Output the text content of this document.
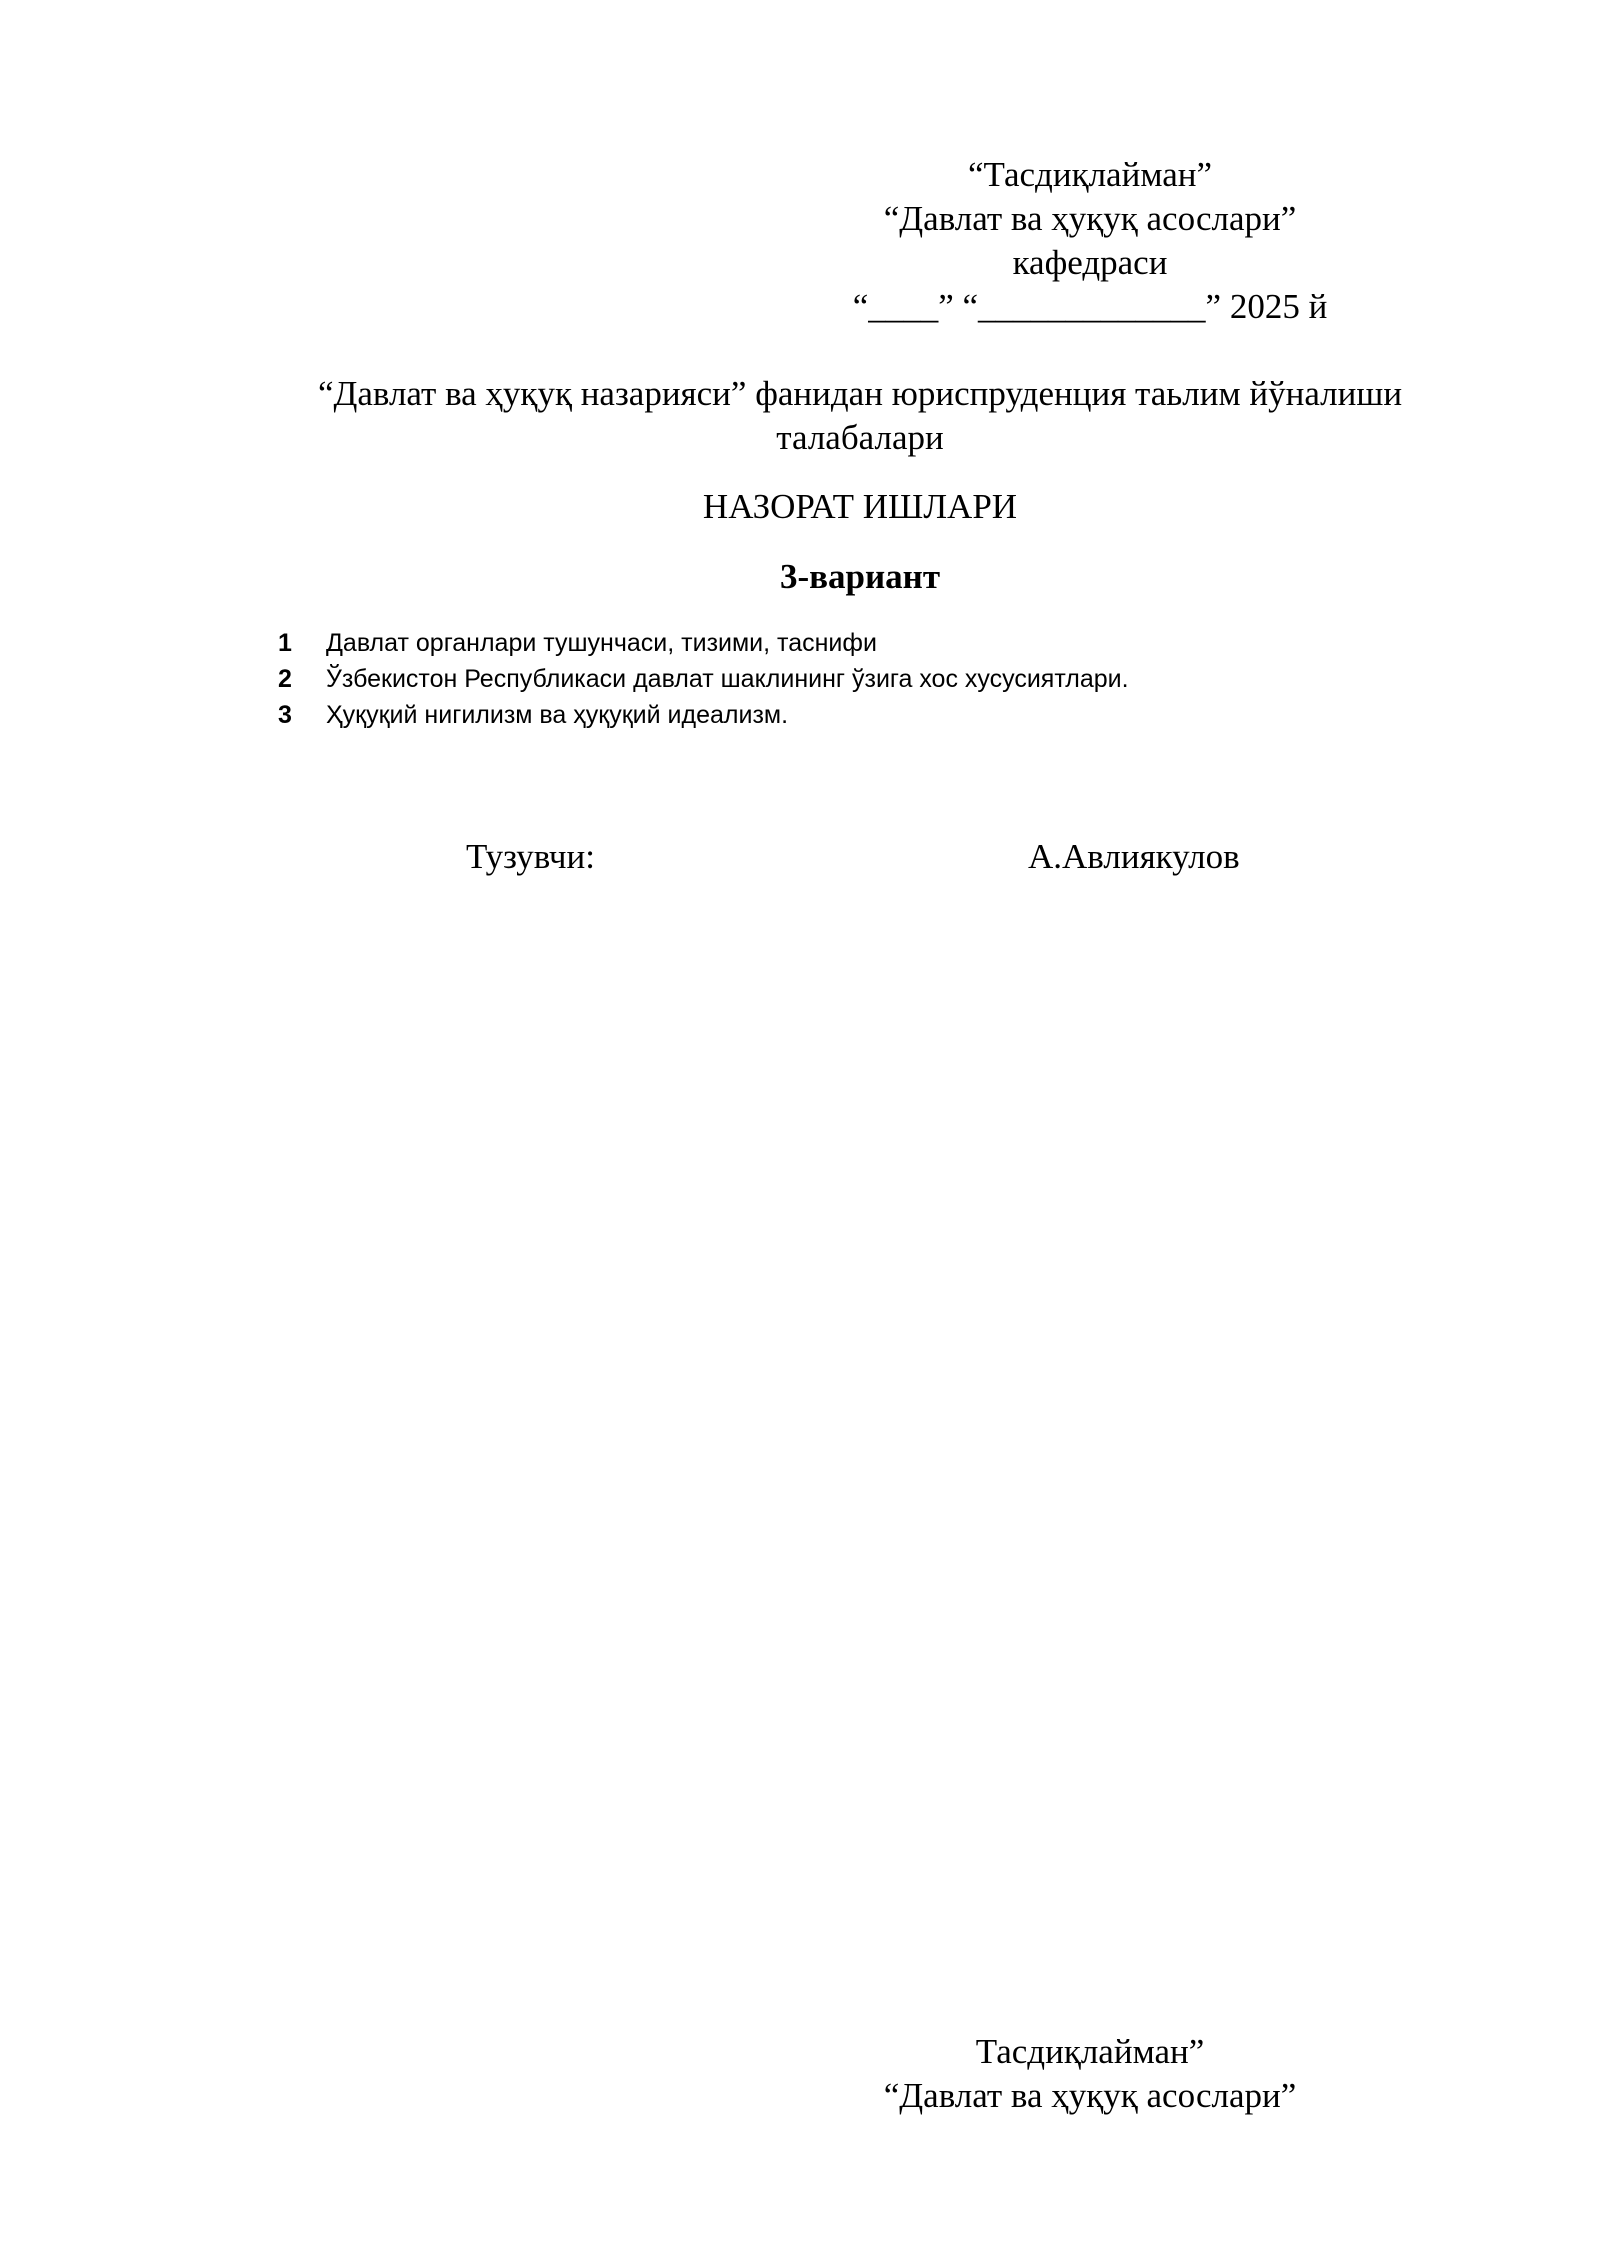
“Тасдиқлайман”
“Давлат ва ҳуқуқ асослари”
кафедраси
“____” “_____________” 2025 й
“Давлат ва ҳуқуқ назарияси” фанидан юриспруденция таьлим йўналиши
талабалари
НАЗОРАТ ИШЛАРИ
3-вариант
1	Давлат органлари тушунчаси, тизими, таснифи
2	Ўзбекистон Республикаси давлат шаклининг ўзига хос хусусиятлари.
3	Ҳуқуқий нигилизм ва ҳуқуқий идеализм.
Тузувчи:	А.Авлиякулов
Тасдиқлайман”
“Давлат ва ҳуқуқ асослари”
